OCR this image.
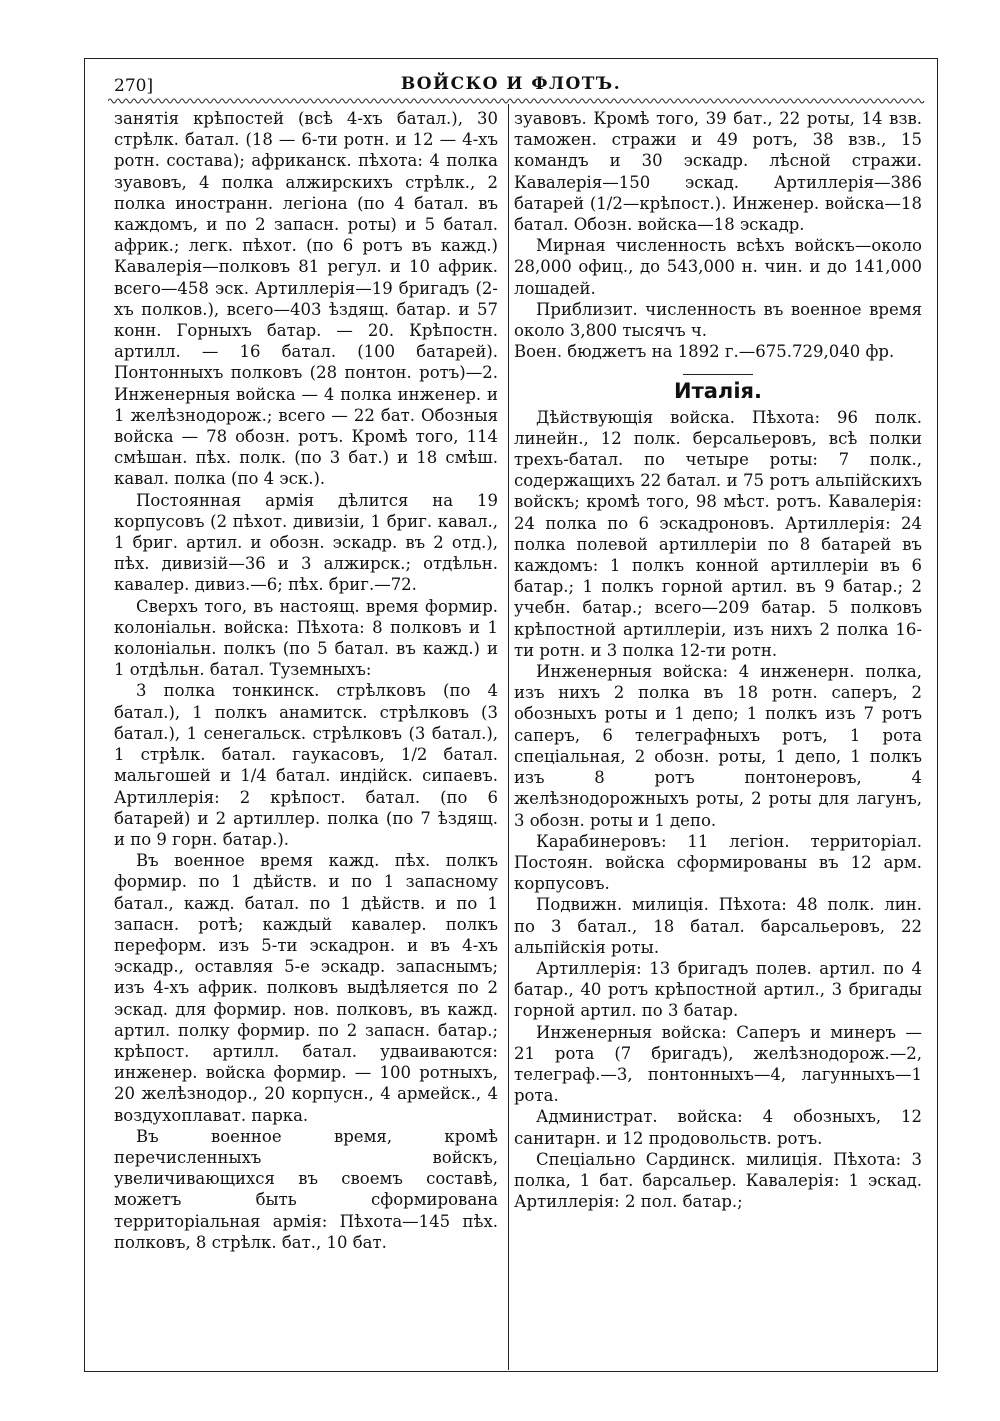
270]	ВОЙСКО И ФЛОТЪ.

занятія крѣпостей (всѣ 4-хъ батал.), 30 стрѣлк. батал. (18 — 6-ти ротн. и 12 — 4-хъ ротн. состава); африканск. пѣхота: 4 полка зуавовъ, 4 полка алжирскихъ стрѣлк., 2 полка иностранн. легіона (по 4 батал. въ каждомъ, и по 2 запасн. роты) и 5 батал. африк.; легк. пѣхот. (по 6 ротъ въ кажд.) Кавалерія—полковъ 81 регул. и 10 африк. всего—458 эск. Артиллерія—19 бригадъ (2-хъ полков.), всего—403 ѣздящ. батар. и 57 конн. Горныхъ батар. — 20. Крѣпостн. артилл. — 16 батал. (100 батарей). Понтонныхъ полковъ (28 понтон. ротъ)—2. Инженерныя войска — 4 полка инженер. и 1 желѣзнодорож.; всего — 22 бат. Обозныя войска — 78 обозн. ротъ. Кромѣ того, 114 смѣшан. пѣх. полк. (по 3 бат.) и 18 смѣш. кавал. полка (по 4 эск.).

Постоянная армія дѣлится на 19 корпусовъ (2 пѣхот. дивизіи, 1 бриг. кавал., 1 бриг. артил. и обозн. эскадр. въ 2 отд.), пѣх. дивизій—36 и 3 алжирск.; отдѣльн. кавалер. дивиз.—6; пѣх. бриг.—72.

Сверхъ того, въ настоящ. время формир. колоніальн. войска: Пѣхота: 8 полковъ и 1 колоніальн. полкъ (по 5 батал. въ кажд.) и 1 отдѣльн. батал. Туземныхъ:

3 полка тонкинск. стрѣлковъ (по 4 батал.), 1 полкъ анамитск. стрѣлковъ (3 батал.), 1 сенегальск. стрѣлковъ (3 батал.), 1 стрѣлк. батал. гаукасовъ, 1/2 батал. мальгошей и 1/4 батал. индійск. сипаевъ. Артиллерія: 2 крѣпост. батал. (по 6 батарей) и 2 артиллер. полка (по 7 ѣздящ. и по 9 горн. батар.).

Въ военное время кажд. пѣх. полкъ формир. по 1 дѣйств. и по 1 запасному батал., кажд. батал. по 1 дѣйств. и по 1 запасн. ротѣ; каждый кавалер. полкъ переформ. изъ 5-ти эскадрон. и въ 4-хъ эскадр., оставляя 5-е эскадр. запаснымъ; изъ 4-хъ африк. полковъ выдѣляется по 2 эскад. для формир. нов. полковъ, въ кажд. артил. полку формир. по 2 запасн. батар.; крѣпост. артилл. батал. удваиваются: инженер. войска формир. — 100 ротныхъ, 20 желѣзнодор., 20 корпусн., 4 армейск., 4 воздухоплават. парка.

Въ военное время, кромѣ перечисленныхъ войскъ, увеличивающихся въ своемъ составѣ, можетъ быть сформирована территоріальная армія: Пѣхота—145 пѣх. полковъ, 8 стрѣлк. бат., 10 бат.

зуавовъ. Кромѣ того, 39 бат., 22 роты, 14 взв. таможен. стражи и 49 ротъ, 38 взв., 15 командъ и 30 эскадр. лѣсной стражи. Кавалерія—150 эскад. Артиллерія—386 батарей (1/2—крѣпост.). Инженер. войска—18 батал. Обозн. войска—18 эскадр.

Мирная численность всѣхъ войскъ—около 28,000 офиц., до 543,000 н. чин. и до 141,000 лошадей.

Приблизит. численность въ военное время около 3,800 тысячъ ч.

Воен. бюджетъ на 1892 г.—675.729,040 фр.

Италія.

Дѣйствующія войска. Пѣхота: 96 полк. линейн., 12 полк. берсальеровъ, всѣ полки трехъ-батал. по четыре роты: 7 полк., содержащихъ 22 батал. и 75 ротъ альпійскихъ войскъ; кромѣ того, 98 мѣст. ротъ. Кавалерія: 24 полка по 6 эскадроновъ. Артиллерія: 24 полка полевой артиллеріи по 8 батарей въ каждомъ: 1 полкъ конной артиллеріи въ 6 батар.; 1 полкъ горной артил. въ 9 батар.; 2 учебн. батар.; всего—209 батар. 5 полковъ крѣпостной артиллеріи, изъ нихъ 2 полка 16-ти ротн. и 3 полка 12-ти ротн.

Инженерныя войска: 4 инженерн. полка, изъ нихъ 2 полка въ 18 ротн. саперъ, 2 обозныхъ роты и 1 депо; 1 полкъ изъ 7 ротъ саперъ, 6 телеграфныхъ ротъ, 1 рота спеціальная, 2 обозн. роты, 1 депо, 1 полкъ изъ 8 ротъ понтонеровъ, 4 желѣзнодорожныхъ роты, 2 роты для лагунъ, 3 обозн. роты и 1 депо.

Карабинеровъ: 11 легіон. территоріал. Постоян. войска сформированы въ 12 арм. корпусовъ.

Подвижн. милиція. Пѣхота: 48 полк. лин. по 3 батал., 18 батал. барсальеровъ, 22 альпійскія роты.

Артиллерія: 13 бригадъ полев. артил. по 4 батар., 40 ротъ крѣпостной артил., 3 бригады горной артил. по 3 батар.

Инженерныя войска: Саперъ и минеръ — 21 рота (7 бригадъ), желѣзнодорож.—2, телеграф.—3, понтонныхъ—4, лагунныхъ—1 рота.

Администрат. войска: 4 обозныхъ, 12 санитарн. и 12 продовольств. ротъ.

Спеціально Сардинск. милиція. Пѣхота: 3 полка, 1 бат. барсальер. Кавалерія: 1 эскад. Артиллерія: 2 пол. батар.;
